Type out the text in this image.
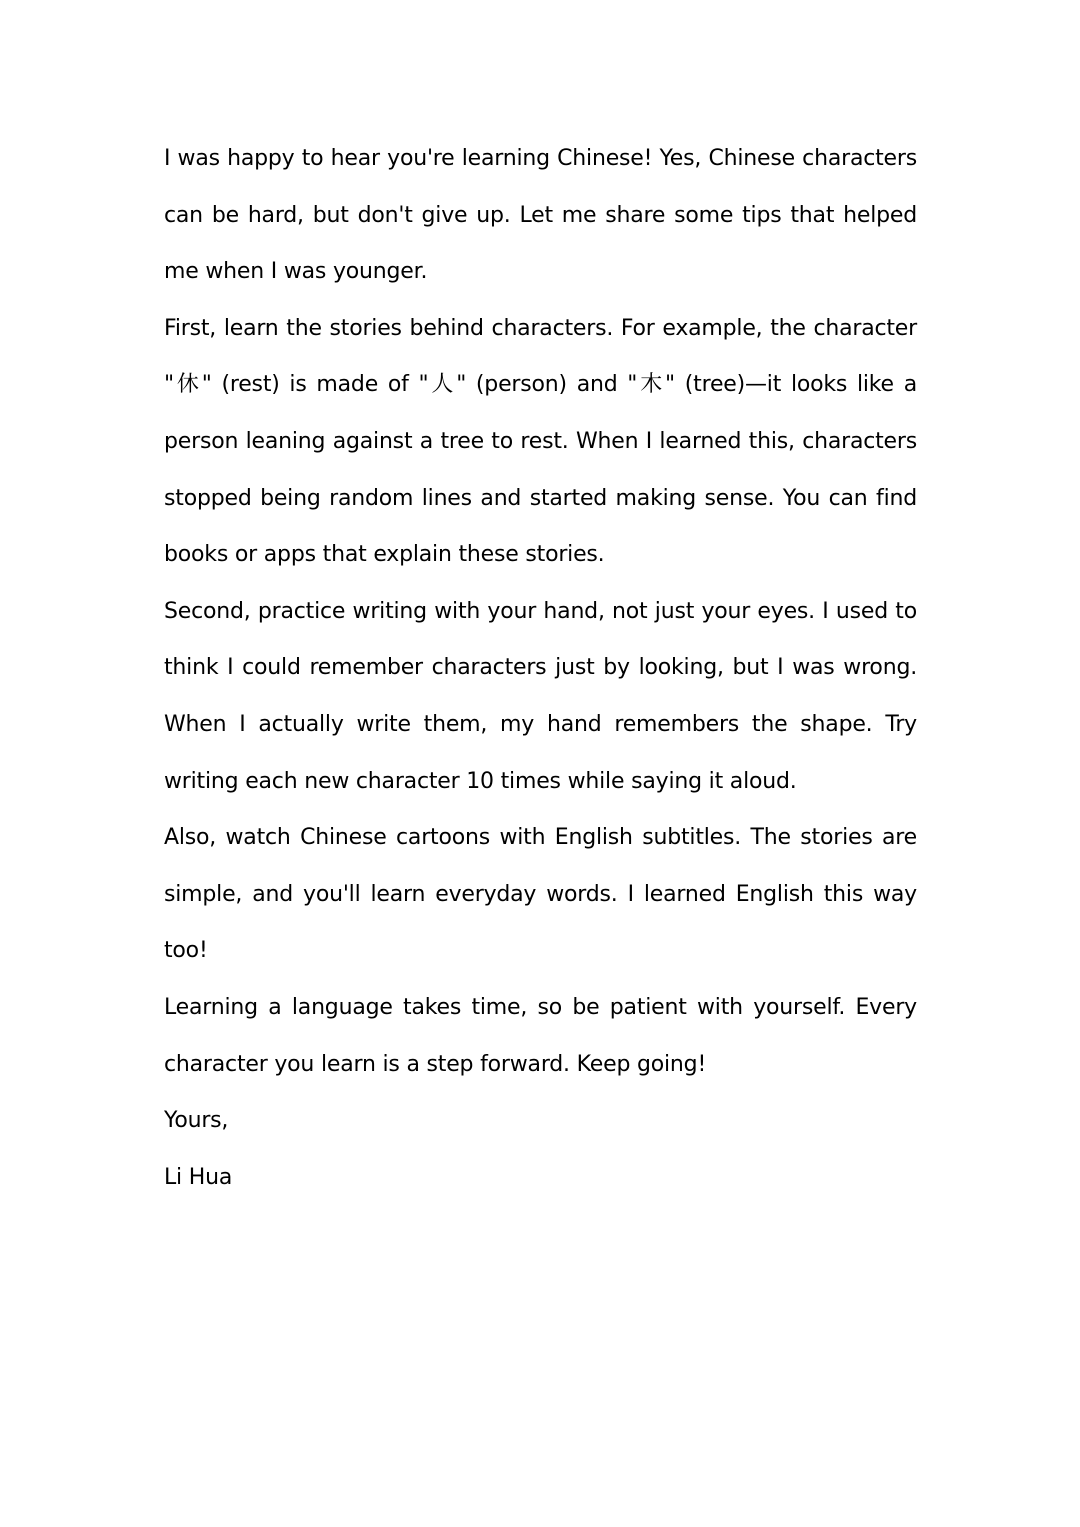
I was happy to hear you're learning Chinese! Yes, Chinese characters can be hard, but don't give up. Let me share some tips that helped me when I was younger.

First, learn the stories behind characters. For example, the character "休" (rest) is made of "人" (person) and "木" (tree)—it looks like a person leaning against a tree to rest. When I learned this, characters stopped being random lines and started making sense. You can find books or apps that explain these stories.

Second, practice writing with your hand, not just your eyes. I used to think I could remember characters just by looking, but I was wrong. When I actually write them, my hand remembers the shape. Try writing each new character 10 times while saying it aloud.

Also, watch Chinese cartoons with English subtitles. The stories are simple, and you'll learn everyday words. I learned English this way too!

Learning a language takes time, so be patient with yourself. Every character you learn is a step forward. Keep going!

Yours,

Li Hua
